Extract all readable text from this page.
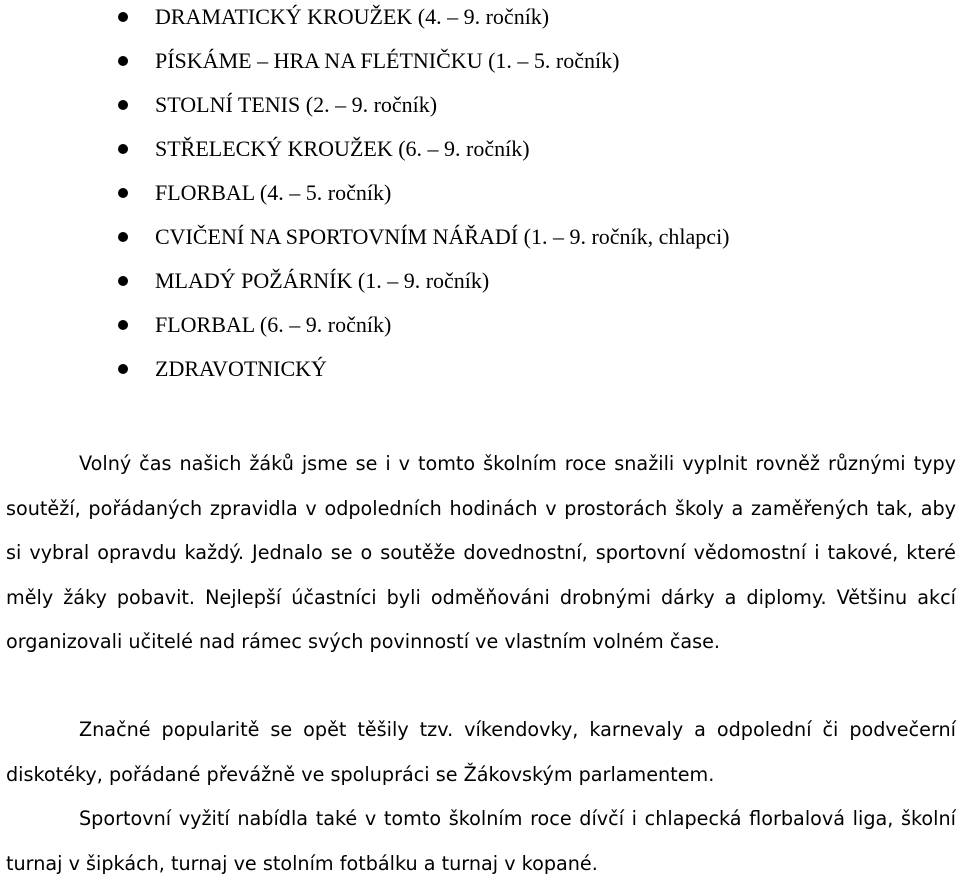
DRAMATICKÝ KROUŽEK (4. – 9. ročník)
PÍSKÁME – HRA NA FLÉTNIČKU (1. – 5. ročník)
STOLNÍ TENIS (2. – 9. ročník)
STŘELECKÝ KROUŽEK (6. – 9. ročník)
FLORBAL (4. – 5. ročník)
CVIČENÍ NA SPORTOVNÍM NÁŘADÍ (1. – 9. ročník, chlapci)
MLADÝ POŽÁRNÍK (1. – 9. ročník)
FLORBAL (6. – 9. ročník)
ZDRAVOTNICKÝ

Volný čas našich žáků jsme se i v tomto školním roce snažili vyplnit rovněž různými typy soutěží, pořádaných zpravidla v odpoledních hodinách v prostorách školy a zaměřených tak, aby si vybral opravdu každý. Jednalo se o soutěže dovednostní, sportovní vědomostní i takové, které měly žáky pobavit. Nejlepší účastníci byli odměňováni drobnými dárky a diplomy. Většinu akcí organizovali učitelé nad rámec svých povinností ve vlastním volném čase.

Značné popularitě se opět těšily tzv. víkendovky, karnevaly a odpolední či podvečerní diskotéky, pořádané převážně ve spolupráci se Žákovským parlamentem.

Sportovní vyžití nabídla také v tomto školním roce dívčí i chlapecká florbalová liga, školní turnaj v šipkách, turnaj ve stolním fotbálku a turnaj v kopané.
